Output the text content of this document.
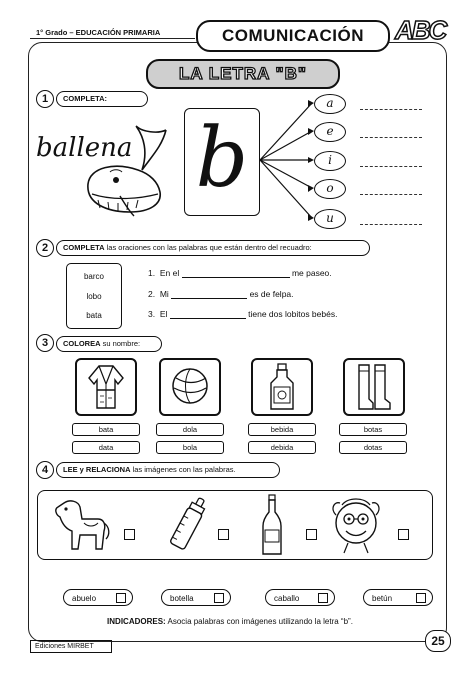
1° Grado – EDUCACIÓN PRIMARIA	COMUNICACIÓN	ABC
LA LETRA "B"
1	COMPLETA:
ballena b
a
e
i
o
u
2	COMPLETA las oraciones con las palabras que están dentro del recuadro:
barco
lobo
bata
1. En el	me paseo.
2. Mi	es de felpa.
3. El	tiene dos lobitos bebés.
3	COLOREA su nombre:
bata
data
dola
bola
bebida
debida
botas
dotas
4	LEE y RELACIONA las imágenes con las palabras.
abuelo	botella	caballo	betún
INDICADORES: Asocia palabras con imágenes utilizando la letra “b”.
Ediciones MIRBET	25
